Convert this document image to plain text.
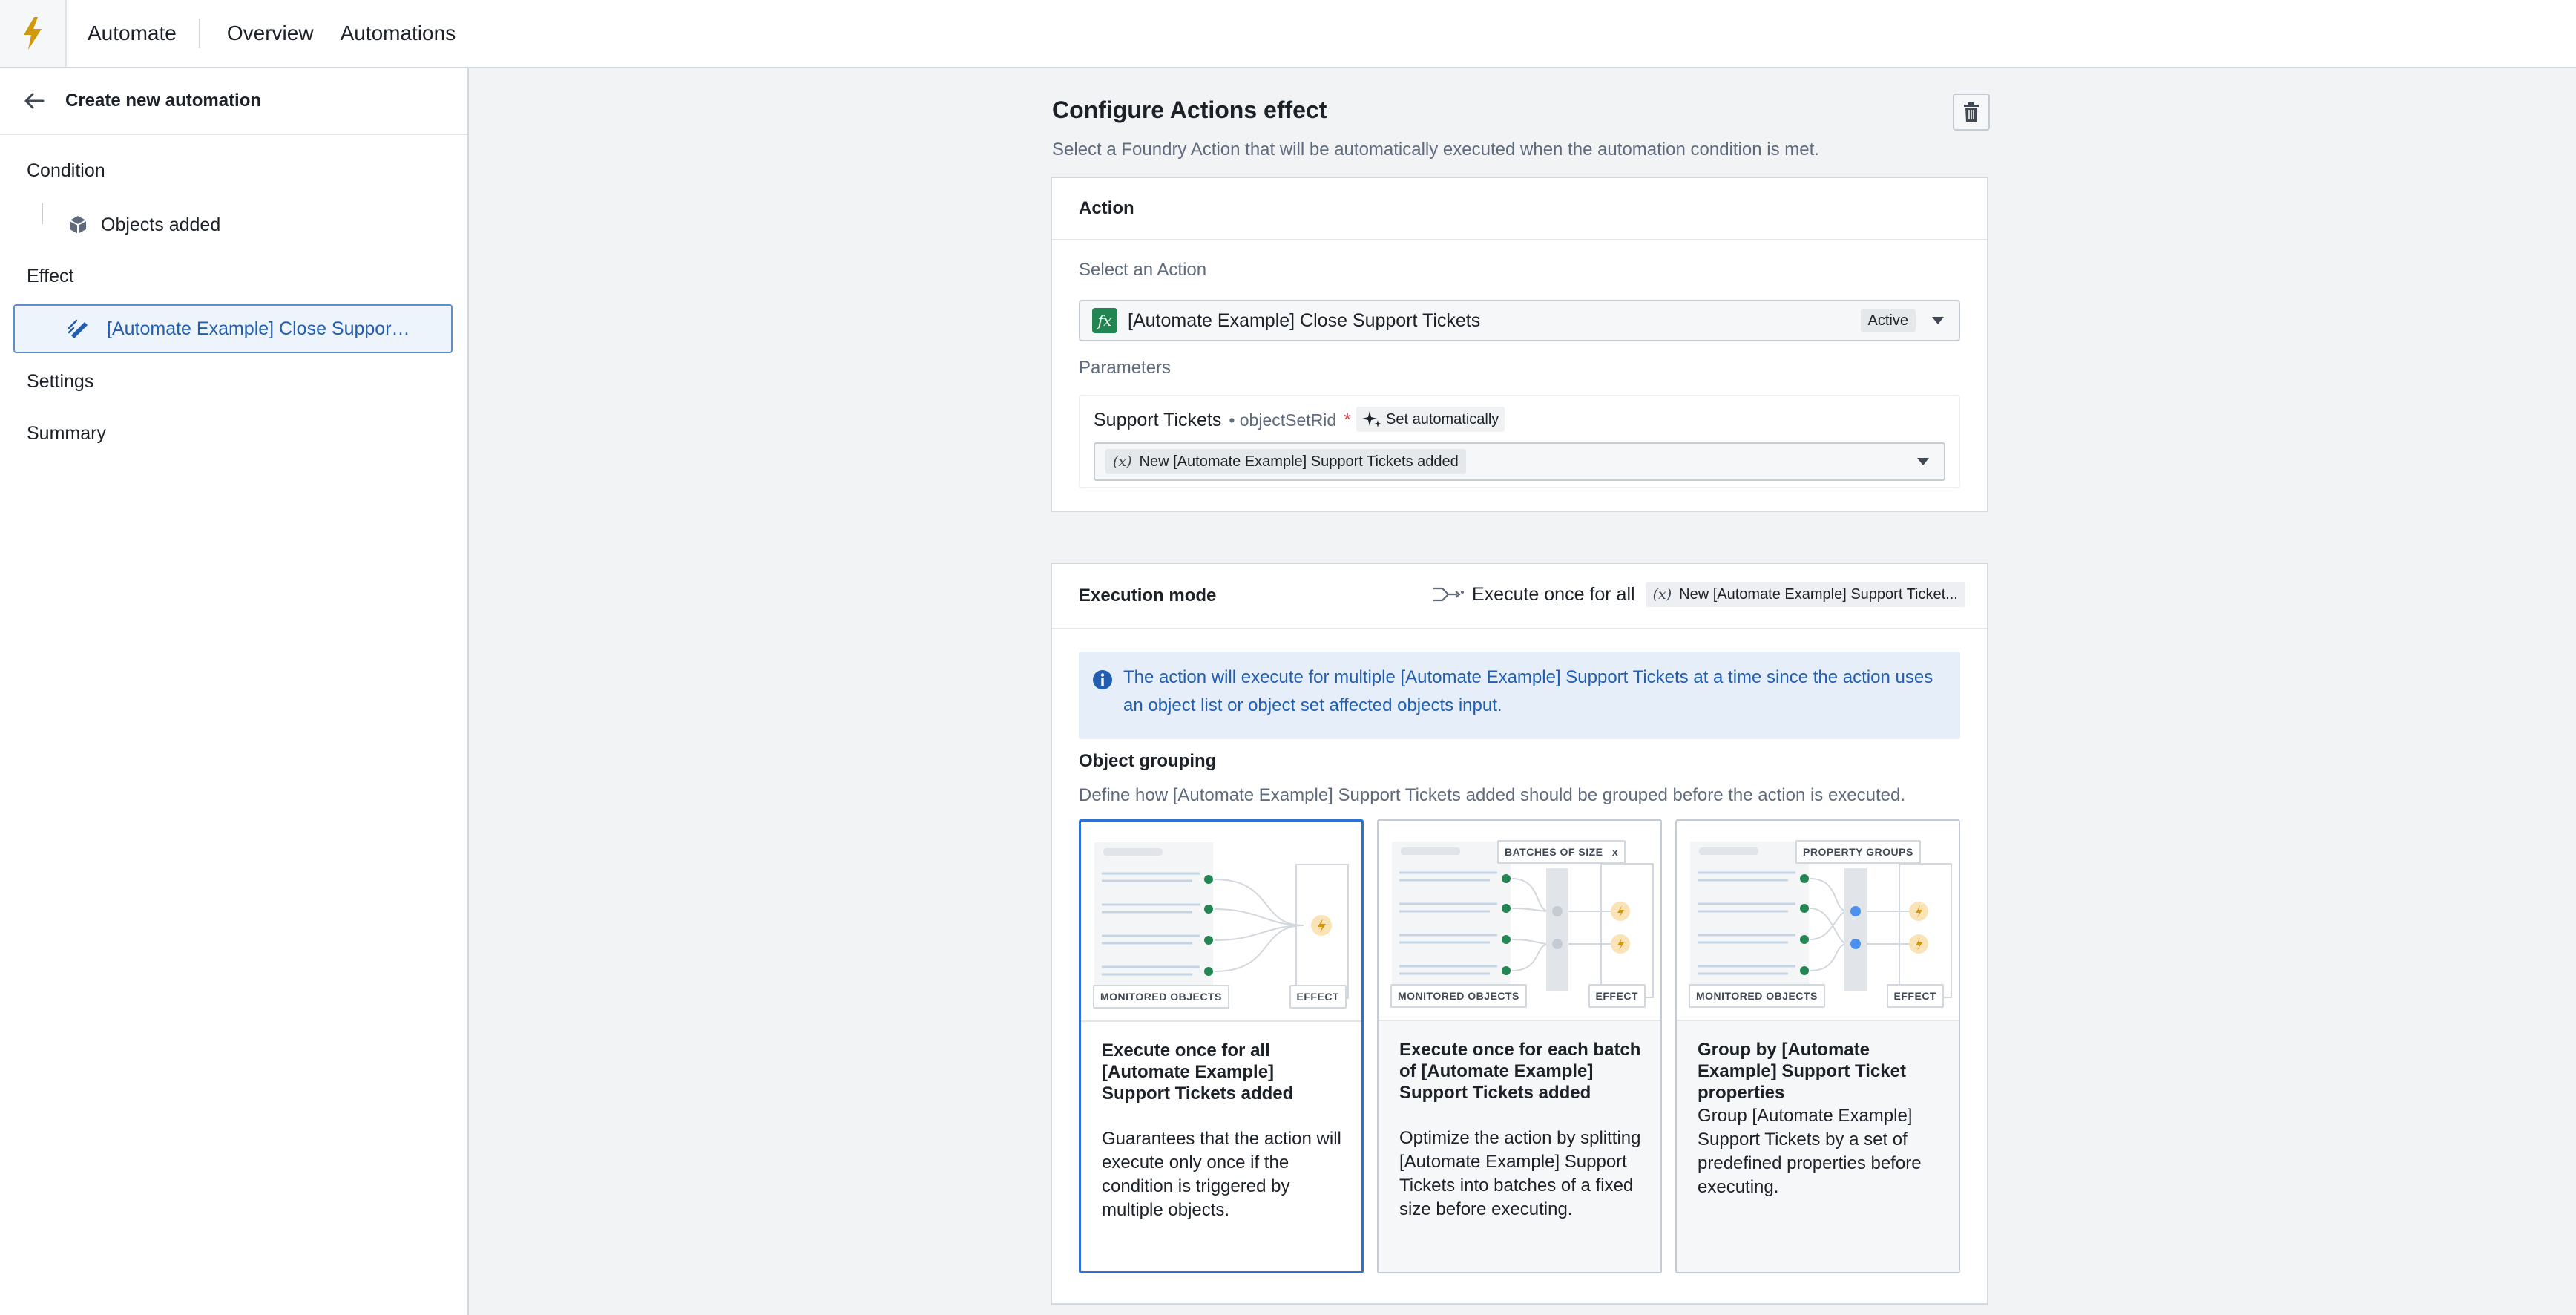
Automate	Overview	Automations
Create new automation
Condition
Objects added
Effect
[Automate Example] Close Suppor…
Settings
Summary
Configure Actions effect
Select a Foundry Action that will be automatically executed when the automation condition is met.
Action
Select an Action
fx [Automate Example] Close Support Tickets	Active
Parameters
Support Tickets • objectSetRid * Set automatically
(x) New [Automate Example] Support Tickets added
Execution mode	Execute once for all (x) New [Automate Example] Support Ticket...
The action will execute for multiple [Automate Example] Support Tickets at a time since the action uses an object list or object set affected objects input.
Object grouping
Define how [Automate Example] Support Tickets added should be grouped before the action is executed.
MONITORED OBJECTS	EFFECT
Execute once for all [Automate Example] Support Tickets added
Guarantees that the action will execute only once if the condition is triggered by multiple objects.
BATCHES OF SIZE x
MONITORED OBJECTS	EFFECT
Execute once for each batch of [Automate Example] Support Tickets added
Optimize the action by splitting [Automate Example] Support Tickets into batches of a fixed size before executing.
PROPERTY GROUPS
MONITORED OBJECTS	EFFECT
Group by [Automate Example] Support Ticket properties
Group [Automate Example] Support Tickets by a set of predefined properties before executing.
